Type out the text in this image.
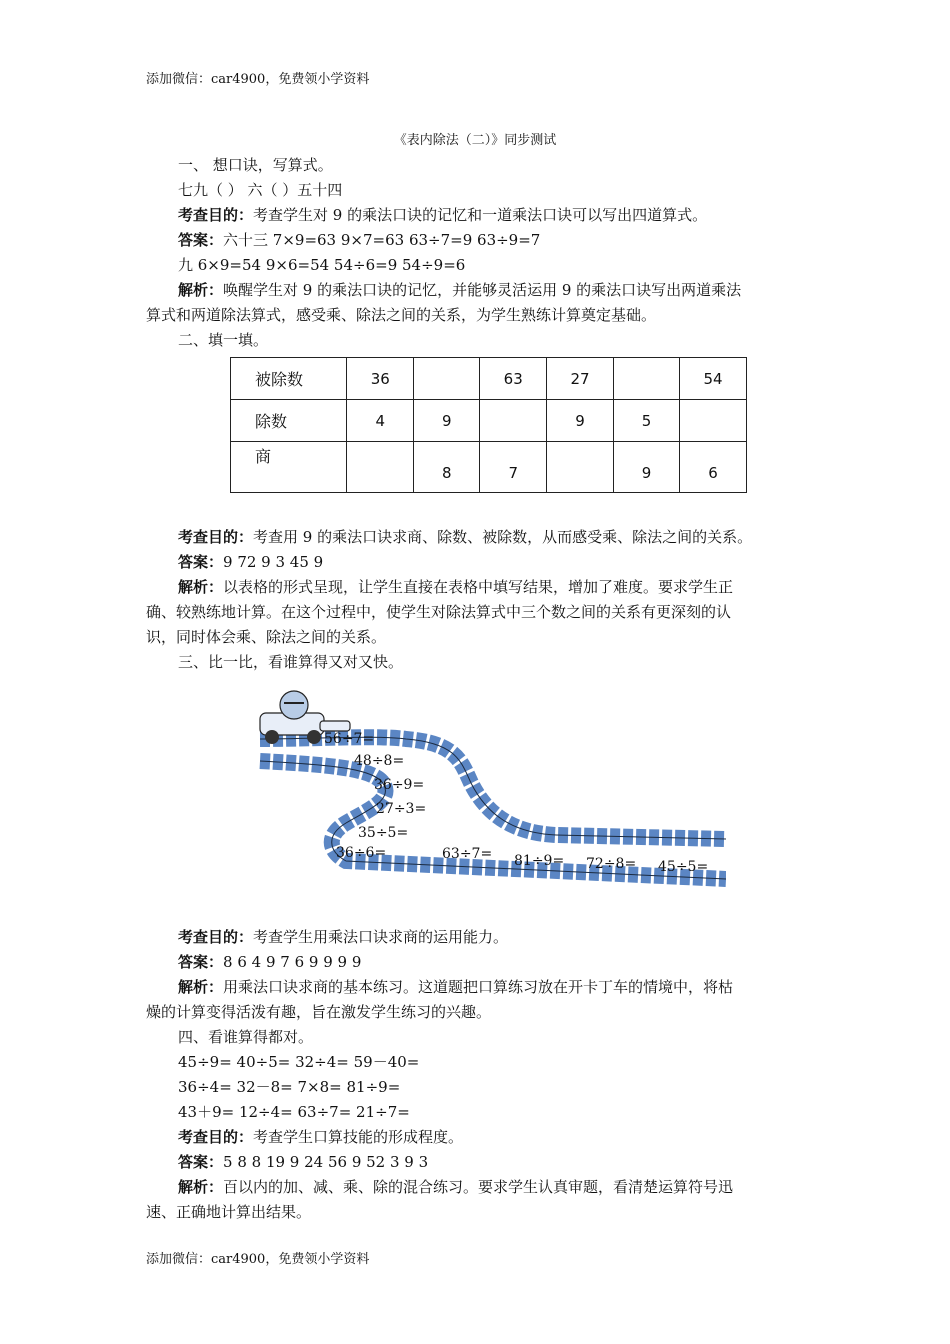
添加微信：car4900，免费领小学资料
《表内除法（二）》同步测试
一、 想口诀，写算式。
七九（ ） 六（ ）五十四
考查目的：考查学生对 9 的乘法口诀的记忆和一道乘法口诀可以写出四道算式。
答案：六十三 7×9=63 9×7=63 63÷7=9 63÷9=7
九 6×9=54 9×6=54 54÷6=9 54÷9=6
解析：唤醒学生对 9 的乘法口诀的记忆，并能够灵活运用 9 的乘法口诀写出两道乘法
算式和两道除法算式，感受乘、除法之间的关系，为学生熟练计算奠定基础。
二、填一填。
被除数	36		63	27		54
除数	4	9		9	5	
商		8	7		9	6
考查目的：考查用 9 的乘法口诀求商、除数、被除数，从而感受乘、除法之间的关系。
答案：9 72 9 3 45 9
解析：以表格的形式呈现，让学生直接在表格中填写结果，增加了难度。要求学生正
确、较熟练地计算。在这个过程中，使学生对除法算式中三个数之间的关系有更深刻的认
识，同时体会乘、除法之间的关系。
三、比一比，看谁算得又对又快。
56÷7=
48÷8=
36÷9=
27÷3=
35÷5=
36÷6=	63÷7= 81÷9= 72÷8= 45÷5=
考查目的：考查学生用乘法口诀求商的运用能力。
答案：8 6 4 9 7 6 9 9 9 9
解析：用乘法口诀求商的基本练习。这道题把口算练习放在开卡丁车的情境中，将枯
燥的计算变得活泼有趣，旨在激发学生练习的兴趣。
四、看谁算得都对。
45÷9= 40÷5= 32÷4= 59－40=
36÷4= 32－8= 7×8= 81÷9=
43＋9= 12÷4= 63÷7= 21÷7=
考查目的：考查学生口算技能的形成程度。
答案：5 8 8 19 9 24 56 9 52 3 9 3
解析：百以内的加、减、乘、除的混合练习。要求学生认真审题，看清楚运算符号迅
速、正确地计算出结果。
添加微信：car4900，免费领小学资料
